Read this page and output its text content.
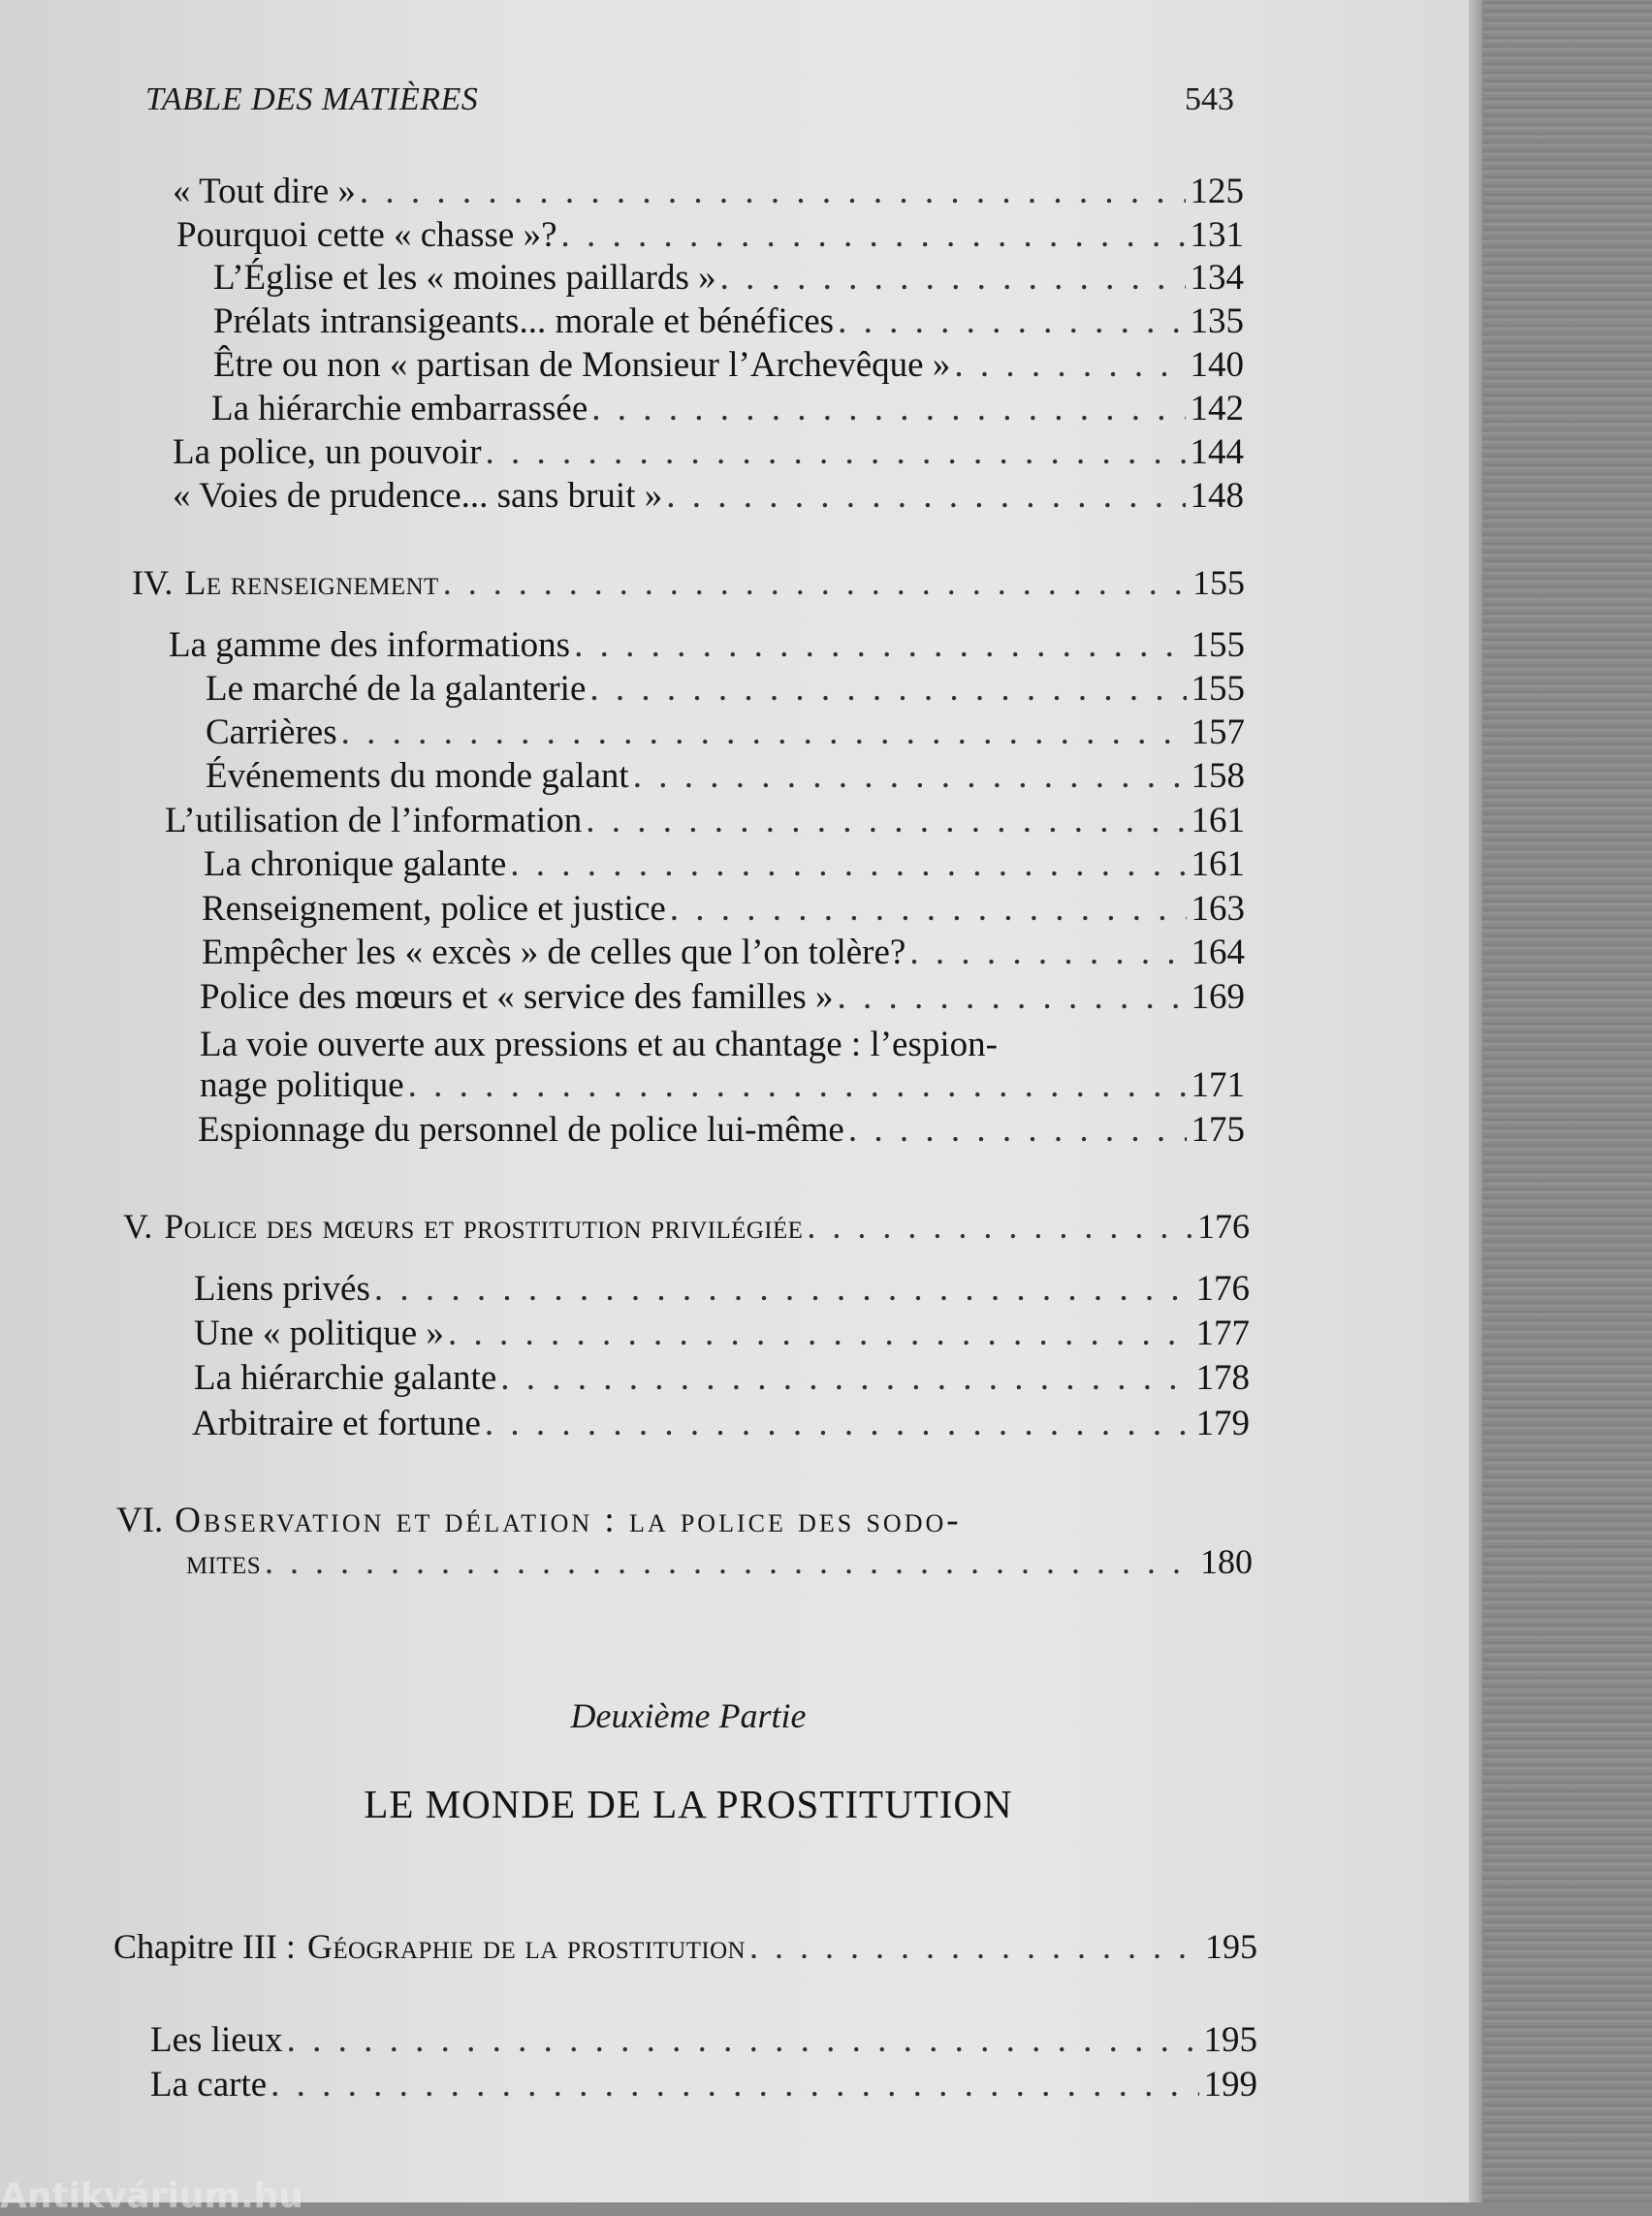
TABLE DES MATIÈRES	543
« Tout dire » . . .	125
Pourquoi cette « chasse »? . . .	131
L’Église et les « moines paillards » . . .	134
Prélats intransigeants... morale et bénéfices . . .	135
Être ou non « partisan de Monsieur l’Archevêque » . . .	140
La hiérarchie embarrassée . . .	142
La police, un pouvoir . . .	144
« Voies de prudence... sans bruit » . . .	148
IV. Le renseignement . . .	155
La gamme des informations . . .	155
Le marché de la galanterie . . .	155
Carrières . . .	157
Événements du monde galant . . .	158
L’utilisation de l’information . . .	161
La chronique galante . . .	161
Renseignement, police et justice . . .	163
Empêcher les « excès » de celles que l’on tolère? . . .	164
Police des mœurs et « service des familles » . . .	169
La voie ouverte aux pressions et au chantage : l’espion-
nage politique . . .	171
Espionnage du personnel de police lui-même . . .	175
V. Police des mœurs et prostitution privilégiée . . .	176
Liens privés . . .	176
Une « politique » . . .	177
La hiérarchie galante . . .	178
Arbitraire et fortune . . .	179
VI. Observation et délation : la police des sodo-
mites . . .	180
Deuxième Partie
LE MONDE DE LA PROSTITUTION
Chapitre III : Géographie de la prostitution . . .	195
Les lieux . . .	195
La carte . . .	199
Antikvárium.hu
